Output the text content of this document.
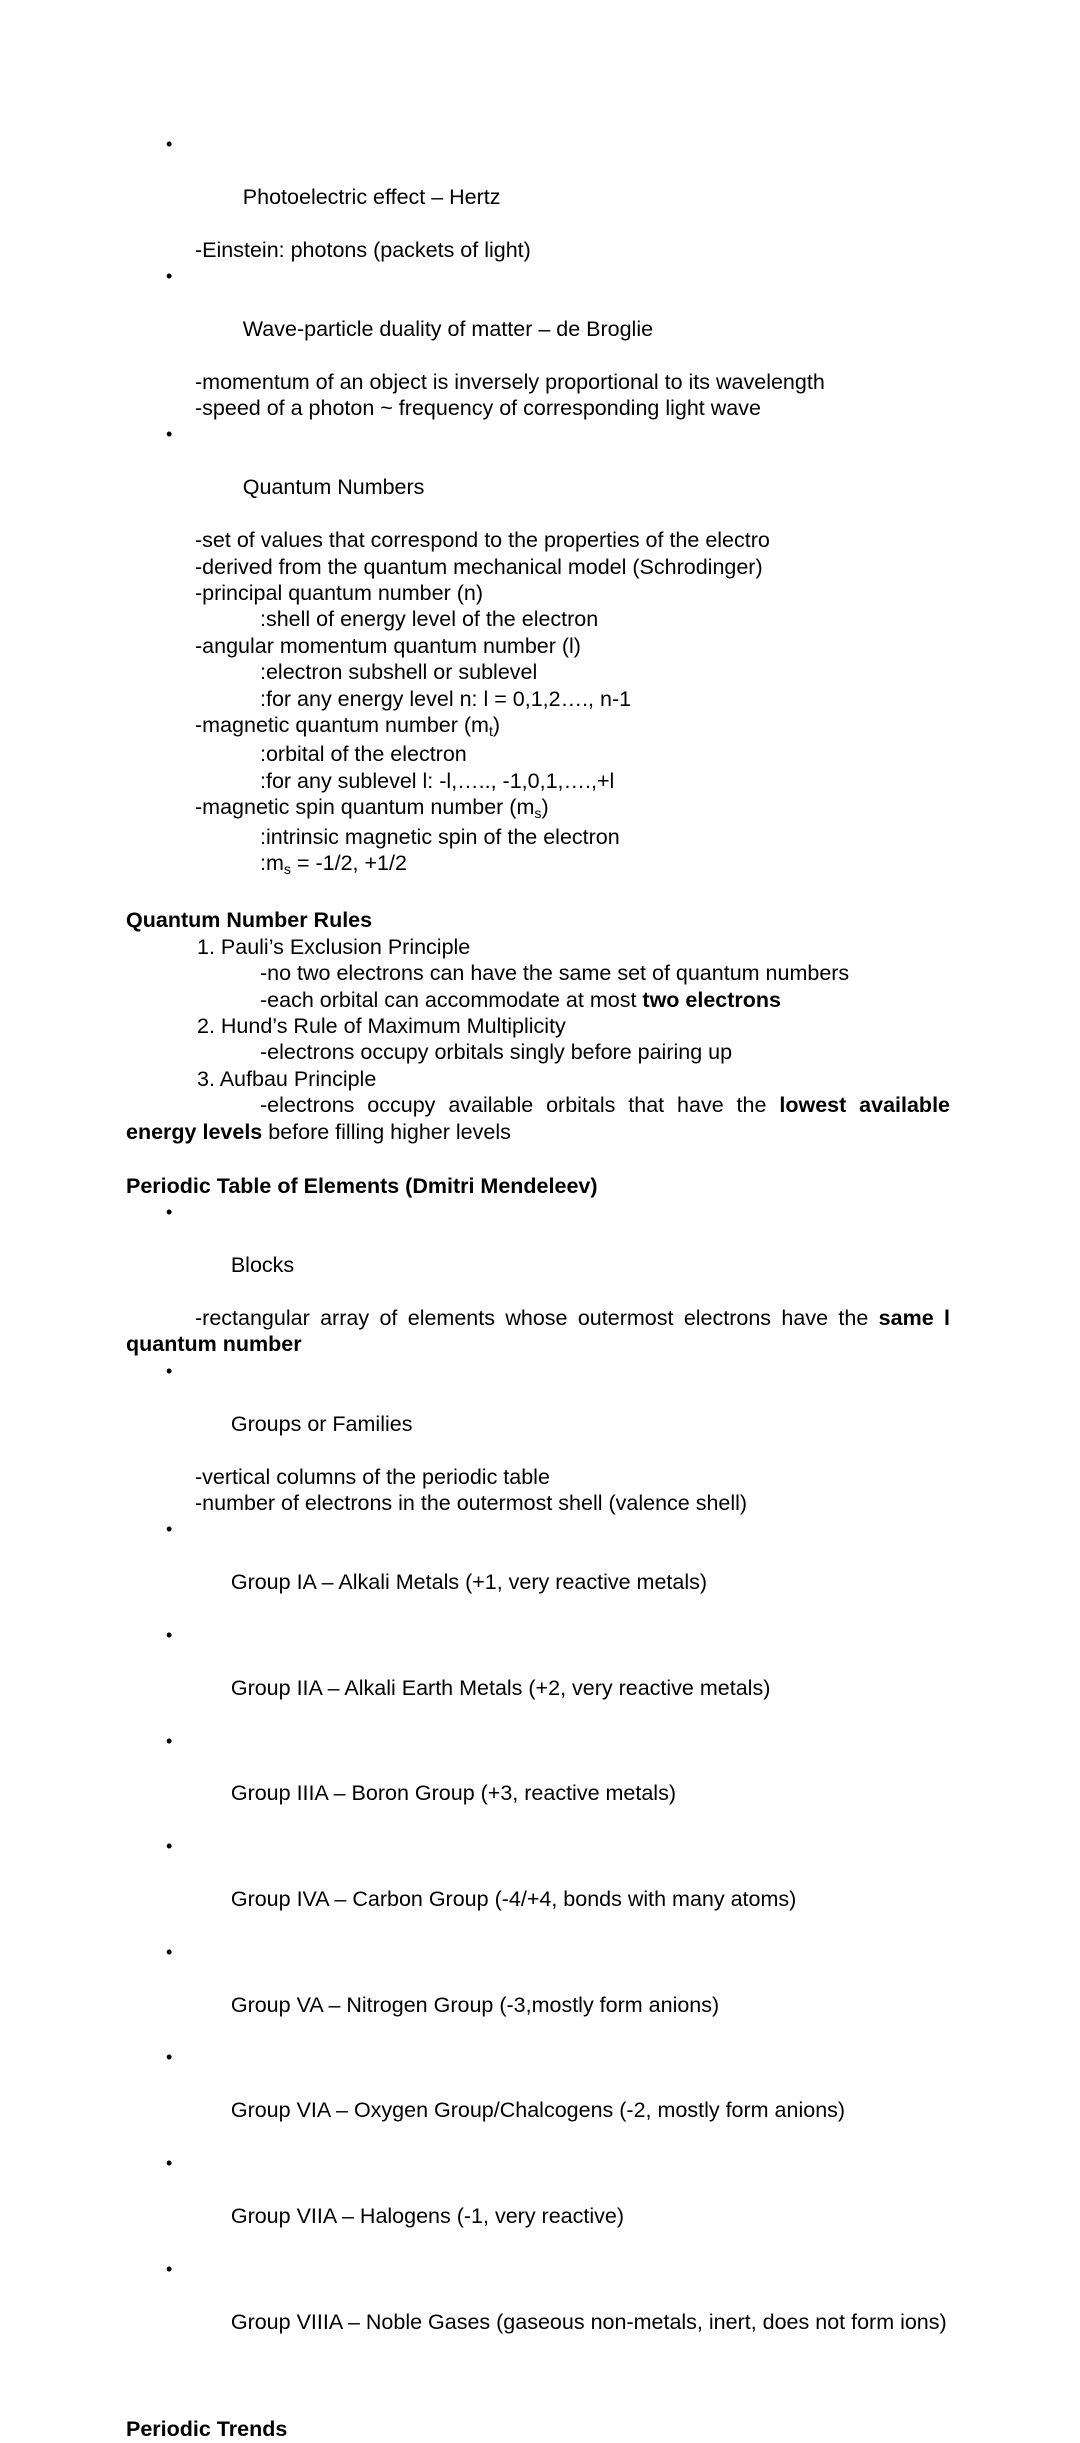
•

Photoelectric effect – Hertz

-Einstein: photons (packets of light)

•

Wave-particle duality of matter – de Broglie

-momentum of an object is inversely proportional to its wavelength
-speed of a photon ~ frequency of corresponding light wave

•

Quantum Numbers

-set of values that correspond to the properties of the electro
-derived from the quantum mechanical model (Schrodinger)
-principal quantum number (n)
:shell of energy level of the electron
-angular momentum quantum number (l)
:electron subshell or sublevel
:for any energy level n: l = 0,1,2…., n-1
-magnetic quantum number $(m_t)$
:orbital of the electron
:for any sublevel l: -l,….., -1,0,1,….,+l
-magnetic spin quantum number $(m_s)$
:intrinsic magnetic spin of the electron
$:m_s = -1/2$, +1/2
Quantum Number Rules
1. Pauli’s Exclusion Principle
-no two electrons can have the same set of quantum numbers
-each orbital can accommodate at most two electrons
2. Hund’s Rule of Maximum Multiplicity
-electrons occupy orbitals singly before pairing up
3. Aufbau Principle
-electrons occupy available orbitals that have the lowest available energy levels before filling higher levels
Periodic Table of Elements (Dmitri Mendeleev)

•

Blocks

-rectangular array of elements whose outermost electrons have the same l quantum number

•

Groups or Families

-vertical columns of the periodic table
-number of electrons in the outermost shell (valence shell)

•

Group IA – Alkali Metals (+1, very reactive metals)

•

Group IIA – Alkali Earth Metals (+2, very reactive metals)

•

Group IIIA – Boron Group (+3, reactive metals)

•

Group IVA – Carbon Group (-4/+4, bonds with many atoms)

•

Group VA – Nitrogen Group (-3,mostly form anions)

•

Group VIA – Oxygen Group/Chalcogens (-2, mostly form anions)

•

Group VIIA – Halogens (-1, very reactive)

•

Group VIIIA – Noble Gases (gaseous non-metals, inert, does not form ions)

Periodic Trends
